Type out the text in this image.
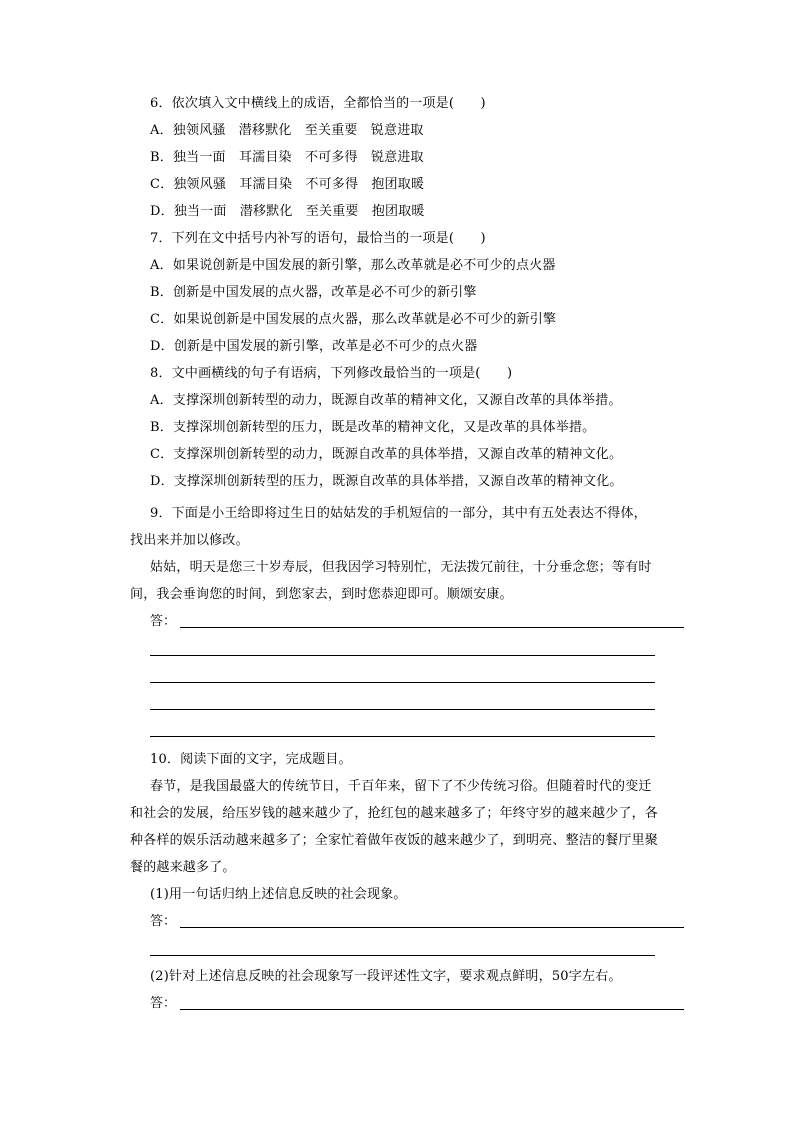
6．依次填入文中横线上的成语，全都恰当的一项是(　　)
A．独领风骚　潜移默化　至关重要　锐意进取
B．独当一面　耳濡目染　不可多得　锐意进取
C．独领风骚　耳濡目染　不可多得　抱团取暖
D．独当一面　潜移默化　至关重要　抱团取暖
7．下列在文中括号内补写的语句，最恰当的一项是(　　)
A．如果说创新是中国发展的新引擎，那么改革就是必不可少的点火器
B．创新是中国发展的点火器，改革是必不可少的新引擎
C．如果说创新是中国发展的点火器，那么改革就是必不可少的新引擎
D．创新是中国发展的新引擎，改革是必不可少的点火器
8．文中画横线的句子有语病，下列修改最恰当的一项是(　　)
A．支撑深圳创新转型的动力，既源自改革的精神文化，又源自改革的具体举措。
B．支撑深圳创新转型的压力，既是改革的精神文化，又是改革的具体举措。
C．支撑深圳创新转型的动力，既源自改革的具体举措，又源自改革的精神文化。
D．支撑深圳创新转型的压力，既源自改革的具体举措，又源自改革的精神文化。
9．下面是小王给即将过生日的姑姑发的手机短信的一部分，其中有五处表达不得体，
找出来并加以修改。
姑姑，明天是您三十岁寿辰，但我因学习特别忙，无法拨冗前往，十分垂念您；等有时
间，我会垂询您的时间，到您家去，到时您恭迎即可。顺颂安康。
答：
10．阅读下面的文字，完成题目。
春节，是我国最盛大的传统节日，千百年来，留下了不少传统习俗。但随着时代的变迁
和社会的发展，给压岁钱的越来越少了，抢红包的越来越多了；年终守岁的越来越少了，各
种各样的娱乐活动越来越多了；全家忙着做年夜饭的越来越少了，到明亮、整洁的餐厅里聚
餐的越来越多了。
(1)用一句话归纳上述信息反映的社会现象。
答：
(2)针对上述信息反映的社会现象写一段评述性文字，要求观点鲜明，50字左右。
答：
